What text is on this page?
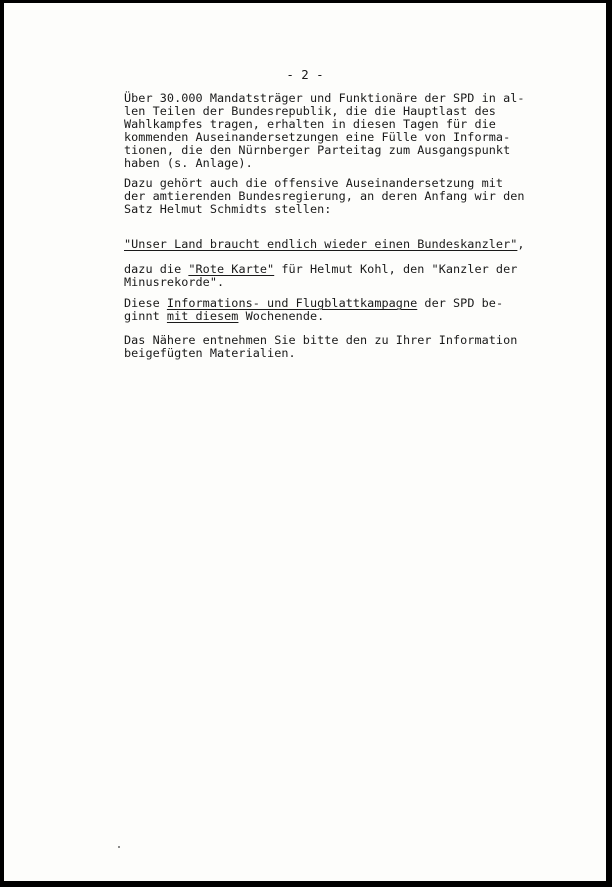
- 2 -
Über 30.000 Mandatsträger und Funktionäre der SPD in al-
len Teilen der Bundesrepublik, die die Hauptlast des
Wahlkampfes tragen, erhalten in diesen Tagen für die
kommenden Auseinandersetzungen eine Fülle von Informa-
tionen, die den Nürnberger Parteitag zum Ausgangspunkt
haben (s. Anlage).
Dazu gehört auch die offensive Auseinandersetzung mit
der amtierenden Bundesregierung, an deren Anfang wir den
Satz Helmut Schmidts stellen:
"Unser Land braucht endlich wieder einen Bundeskanzler",
dazu die "Rote Karte" für Helmut Kohl, den "Kanzler der
Minusrekorde".
Diese Informations- und Flugblattkampagne der SPD be-
ginnt mit diesem Wochenende.
Das Nähere entnehmen Sie bitte den zu Ihrer Information
beigefügten Materialien.
